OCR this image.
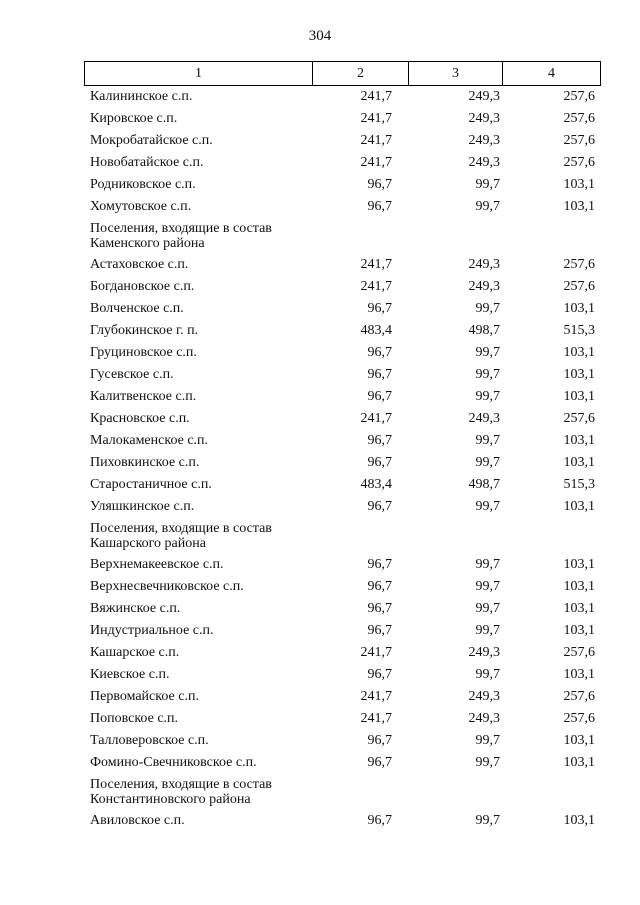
304
1	2	3	4
Калининское с.п.	241,7	249,3	257,6
Кировское с.п.	241,7	249,3	257,6
Мокробатайское с.п.	241,7	249,3	257,6
Новобатайское с.п.	241,7	249,3	257,6
Родниковское с.п.	96,7	99,7	103,1
Хомутовское с.п.	96,7	99,7	103,1
Поселения, входящие в состав
Каменского района
Астаховское с.п.	241,7	249,3	257,6
Богдановское с.п.	241,7	249,3	257,6
Волченское с.п.	96,7	99,7	103,1
Глубокинское г. п.	483,4	498,7	515,3
Груциновское с.п.	96,7	99,7	103,1
Гусевское с.п.	96,7	99,7	103,1
Калитвенское с.п.	96,7	99,7	103,1
Красновское с.п.	241,7	249,3	257,6
Малокаменское с.п.	96,7	99,7	103,1
Пиховкинское с.п.	96,7	99,7	103,1
Старостаничное с.п.	483,4	498,7	515,3
Уляшкинское с.п.	96,7	99,7	103,1
Поселения, входящие в состав
Кашарского района
Верхнемакеевское с.п.	96,7	99,7	103,1
Верхнесвечниковское с.п.	96,7	99,7	103,1
Вяжинское с.п.	96,7	99,7	103,1
Индустриальное с.п.	96,7	99,7	103,1
Кашарское с.п.	241,7	249,3	257,6
Киевское с.п.	96,7	99,7	103,1
Первомайское с.п.	241,7	249,3	257,6
Поповское с.п.	241,7	249,3	257,6
Талловеровское с.п.	96,7	99,7	103,1
Фомино-Свечниковское с.п.	96,7	99,7	103,1
Поселения, входящие в состав
Константиновского района
Авиловское с.п.	96,7	99,7	103,1
